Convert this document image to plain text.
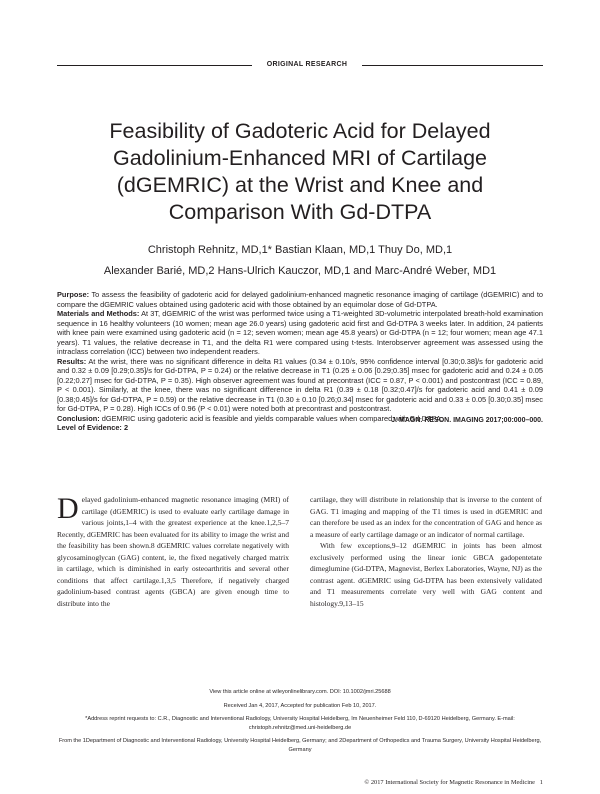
ORIGINAL RESEARCH
Feasibility of Gadoteric Acid for Delayed
Gadolinium-Enhanced MRI of Cartilage
(dGEMRIC) at the Wrist and Knee and
Comparison With Gd-DTPA
Christoph Rehnitz, MD,1* Bastian Klaan, MD,1 Thuy Do, MD,1
Alexander Barié, MD,2 Hans-Ulrich Kauczor, MD,1 and Marc-André Weber, MD1

Purpose: To assess the feasibility of gadoteric acid for delayed gadolinium-enhanced magnetic resonance imaging of cartilage (dGEMRIC) and to compare the dGEMRIC values obtained using gadoteric acid with those obtained by an equimolar dose of Gd-DTPA.

Materials and Methods: At 3T, dGEMRIC of the wrist was performed twice using a T1-weighted 3D-volumetric interpolated breath-hold examination sequence in 16 healthy volunteers (10 women; mean age 26.0 years) using gadoteric acid first and Gd-DTPA 3 weeks later. In addition, 24 patients with knee pain were examined using gadoteric acid (n = 12; seven women; mean age 45.8 years) or Gd-DTPA (n = 12; four women; mean age 47.1 years). T1 values, the relative decrease in T1, and the delta R1 were compared using t-tests. Interobserver agreement was assessed using the intraclass correlation (ICC) between two independent readers.

Results: At the wrist, there was no significant difference in delta R1 values (0.34 ± 0.10/s, 95% confidence interval [0.30;0.38]/s for gadoteric acid and 0.32 ± 0.09 [0.29;0.35]/s for Gd-DTPA, P = 0.24) or the relative decrease in T1 (0.25 ± 0.06 [0.29;0.35] msec for gadoteric acid and 0.24 ± 0.05 [0.22;0.27] msec for Gd-DTPA, P = 0.35). High observer agreement was found at precontrast (ICC = 0.87, P < 0.001) and postcontrast (ICC = 0.89, P < 0.001). Similarly, at the knee, there was no significant difference in delta R1 (0.39 ± 0.18 [0.32;0.47]/s for gadoteric acid and 0.41 ± 0.09 [0.38;0.45]/s for Gd-DTPA, P = 0.59) or the relative decrease in T1 (0.30 ± 0.10 [0.26;0.34] msec for gadoteric acid and 0.33 ± 0.05 [0.30;0.35] msec for Gd-DTPA, P = 0.28). High ICCs of 0.96 (P < 0.01) were noted both at precontrast and postcontrast.

Conclusion: dGEMRIC using gadoteric acid is feasible and yields comparable values when compared with Gd-DTPA.

Level of Evidence: 2

J. MAGN. RESON. IMAGING 2017;00:000–000.

Delayed gadolinium-enhanced magnetic resonance imaging (MRI) of cartilage (dGEMRIC) is used to evaluate early cartilage damage in various joints,1–4 with the greatest experience at the knee.1,2,5–7 Recently, dGEMRIC has been evaluated for its ability to image the wrist and the feasibility has been shown.8 dGEMRIC values correlate negatively with glycosaminoglycan (GAG) content, ie, the fixed negatively charged matrix in cartilage, which is diminished in early osteoarthritis and several other conditions that affect cartilage.1,3,5 Therefore, if negatively charged gadolinium-based contrast agents (GBCA) are given enough time to distribute into the

cartilage, they will distribute in relationship that is inverse to the content of GAG. T1 imaging and mapping of the T1 times is used in dGEMRIC and can therefore be used as an index for the concentration of GAG and hence as a measure of early cartilage damage or an indicator of normal cartilage.

With few exceptions,9–12 dGEMRIC in joints has been almost exclusively performed using the linear ionic GBCA gadopentetate dimeglumine (Gd-DTPA, Magnevist, Berlex Laboratories, Wayne, NJ) as the contrast agent. dGEMRIC using Gd-DTPA has been extensively validated and T1 measurements correlate very well with GAG content and histology.9,13–15

View this article online at wileyonlinelibrary.com. DOI: 10.1002/jmri.25688

Received Jan 4, 2017, Accepted for publication Feb 10, 2017.

*Address reprint requests to: C.R., Diagnostic and Interventional Radiology, University Hospital Heidelberg, Im Neuenheimer Feld 110, D-69120 Heidelberg, Germany. E-mail: christoph.rehnitz@med.uni-heidelberg.de

From the 1Department of Diagnostic and Interventional Radiology, University Hospital Heidelberg, Germany; and 2Department of Orthopedics and Trauma Surgery, University Hospital Heidelberg, Germany

© 2017 International Society for Magnetic Resonance in Medicine 1
